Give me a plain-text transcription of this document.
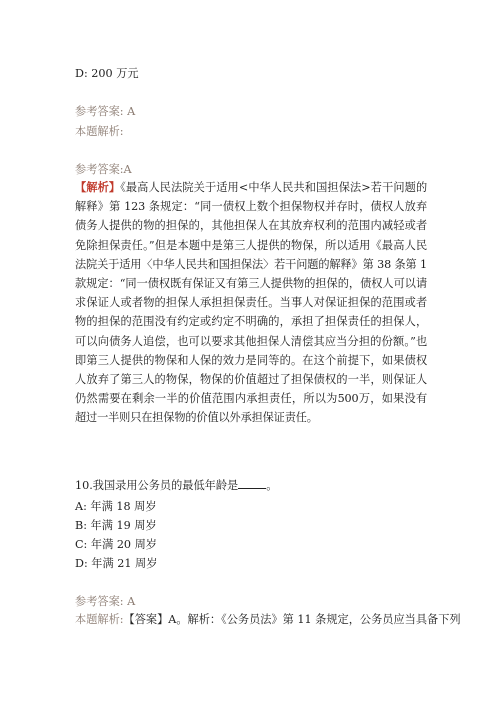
D: 200 万元
参考答案: A
本题解析:
参考答案:A
【解析】《最高人民法院关于适用<中华人民共和国担保法>若干问题的解释》第 123 条规定：“同一债权上数个担保物权并存时，债权人放弃债务人提供的物的担保的，其他担保人在其放弃权利的范围内减轻或者免除担保责任。”但是本题中是第三人提供的物保，所以适用《最高人民法院关于适用〈中华人民共和国担保法〉若干问题的解释》第 38 条第 1 款规定：“同一债权既有保证又有第三人提供物的担保的，债权人可以请求保证人或者物的担保人承担担保责任。当事人对保证担保的范围或者物的担保的范围没有约定或约定不明确的，承担了担保责任的担保人，可以向债务人追偿，也可以要求其他担保人清偿其应当分担的份额。”也即第三人提供的物保和人保的效力是同等的。在这个前提下，如果债权人放弃了第三人的物保，物保的价值超过了担保债权的一半，则保证人仍然需要在剩余一半的价值范围内承担责任，所以为500万，如果没有超过一半则只在担保物的价值以外承担保证责任。
10.我国录用公务员的最低年龄是	。
A: 年满 18 周岁
B: 年满 19 周岁
C: 年满 20 周岁
D: 年满 21 周岁
参考答案: A
本题解析:【答案】A。解析：《公务员法》第 11 条规定，公务员应当具备下列
